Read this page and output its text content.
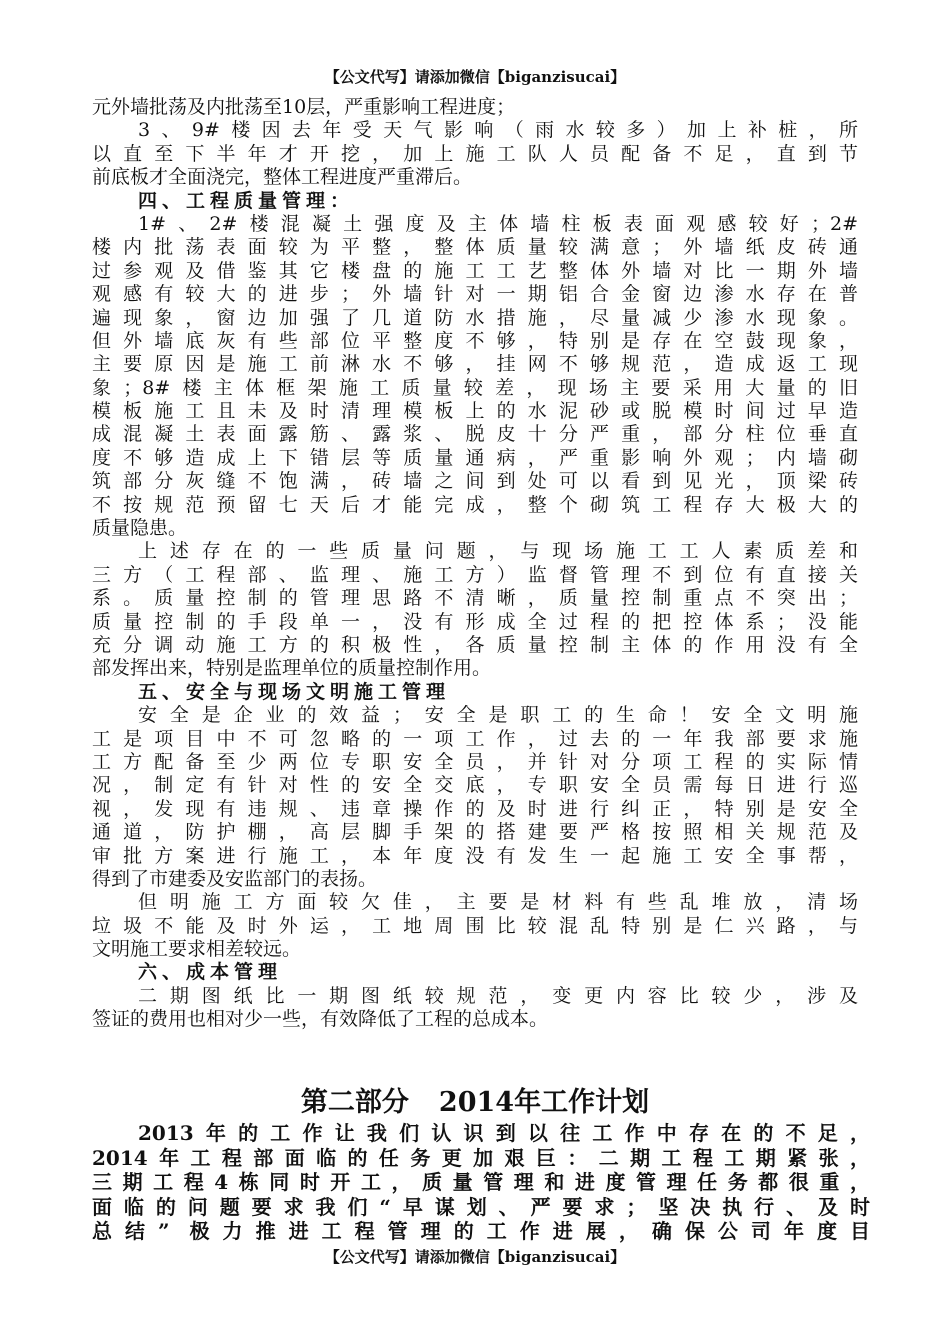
【公文代写】请添加微信【biganzisucai】
元外墙批荡及内批荡至10层，严重影响工程进度；
3、9#楼因去年受天气影响（雨水较多）加上补桩，所
以直至下半年才开挖，加上施工队人员配备不足，直到节
前底板才全面浇完，整体工程进度严重滞后。
四、工程质量管理：
1#、2#楼混凝土强度及主体墙柱板表面观感较好；2#
楼内批荡表面较为平整，整体质量较满意；外墙纸皮砖通
过参观及借鉴其它楼盘的施工工艺整体外墙对比一期外墙
观感有较大的进步；外墙针对一期铝合金窗边渗水存在普
遍现象，窗边加强了几道防水措施，尽量减少渗水现象。
但外墙底灰有些部位平整度不够，特别是存在空鼓现象，
主要原因是施工前淋水不够，挂网不够规范，造成返工现
象；8#楼主体框架施工质量较差，现场主要采用大量的旧
模板施工且未及时清理模板上的水泥砂或脱模时间过早造
成混凝土表面露筋、露浆、脱皮十分严重，部分柱位垂直
度不够造成上下错层等质量通病，严重影响外观；内墙砌
筑部分灰缝不饱满，砖墙之间到处可以看到见光，顶梁砖
不按规范预留七天后才能完成，整个砌筑工程存大极大的
质量隐患。
上述存在的一些质量问题，与现场施工工人素质差和
三方（工程部、监理、施工方）监督管理不到位有直接关
系。质量控制的管理思路不清晰，质量控制重点不突出；
质量控制的手段单一，没有形成全过程的把控体系；没能
充分调动施工方的积极性，各质量控制主体的作用没有全
部发挥出来，特别是监理单位的质量控制作用。
五、安全与现场文明施工管理
安全是企业的效益；安全是职工的生命！安全文明施
工是项目中不可忽略的一项工作，过去的一年我部要求施
工方配备至少两位专职安全员，并针对分项工程的实际情
况，制定有针对性的安全交底，专职安全员需每日进行巡
视，发现有违规、违章操作的及时进行纠正，特别是安全
通道，防护棚，高层脚手架的搭建要严格按照相关规范及
审批方案进行施工，本年度没有发生一起施工安全事帮，
得到了市建委及安监部门的表扬。
但明施工方面较欠佳，主要是材料有些乱堆放，清场
垃圾不能及时外运，工地周围比较混乱特别是仁兴路，与
文明施工要求相差较远。
六、成本管理
二期图纸比一期图纸较规范，变更内容比较少，涉及
签证的费用也相对少一些，有效降低了工程的总成本。
第二部分 2014年工作计划
2013年的工作让我们认识到以往工作中存在的不足，
2014年工程部面临的任务更加艰巨：二期工程工期紧张，
三期工程4栋同时开工，质量管理和进度管理任务都很重，
面临的问题要求我们“早谋划、严要求；坚决执行、及时
总结” 极力推进工程管理的工作进展，确保公司年度目
【公文代写】请添加微信【biganzisucai】
